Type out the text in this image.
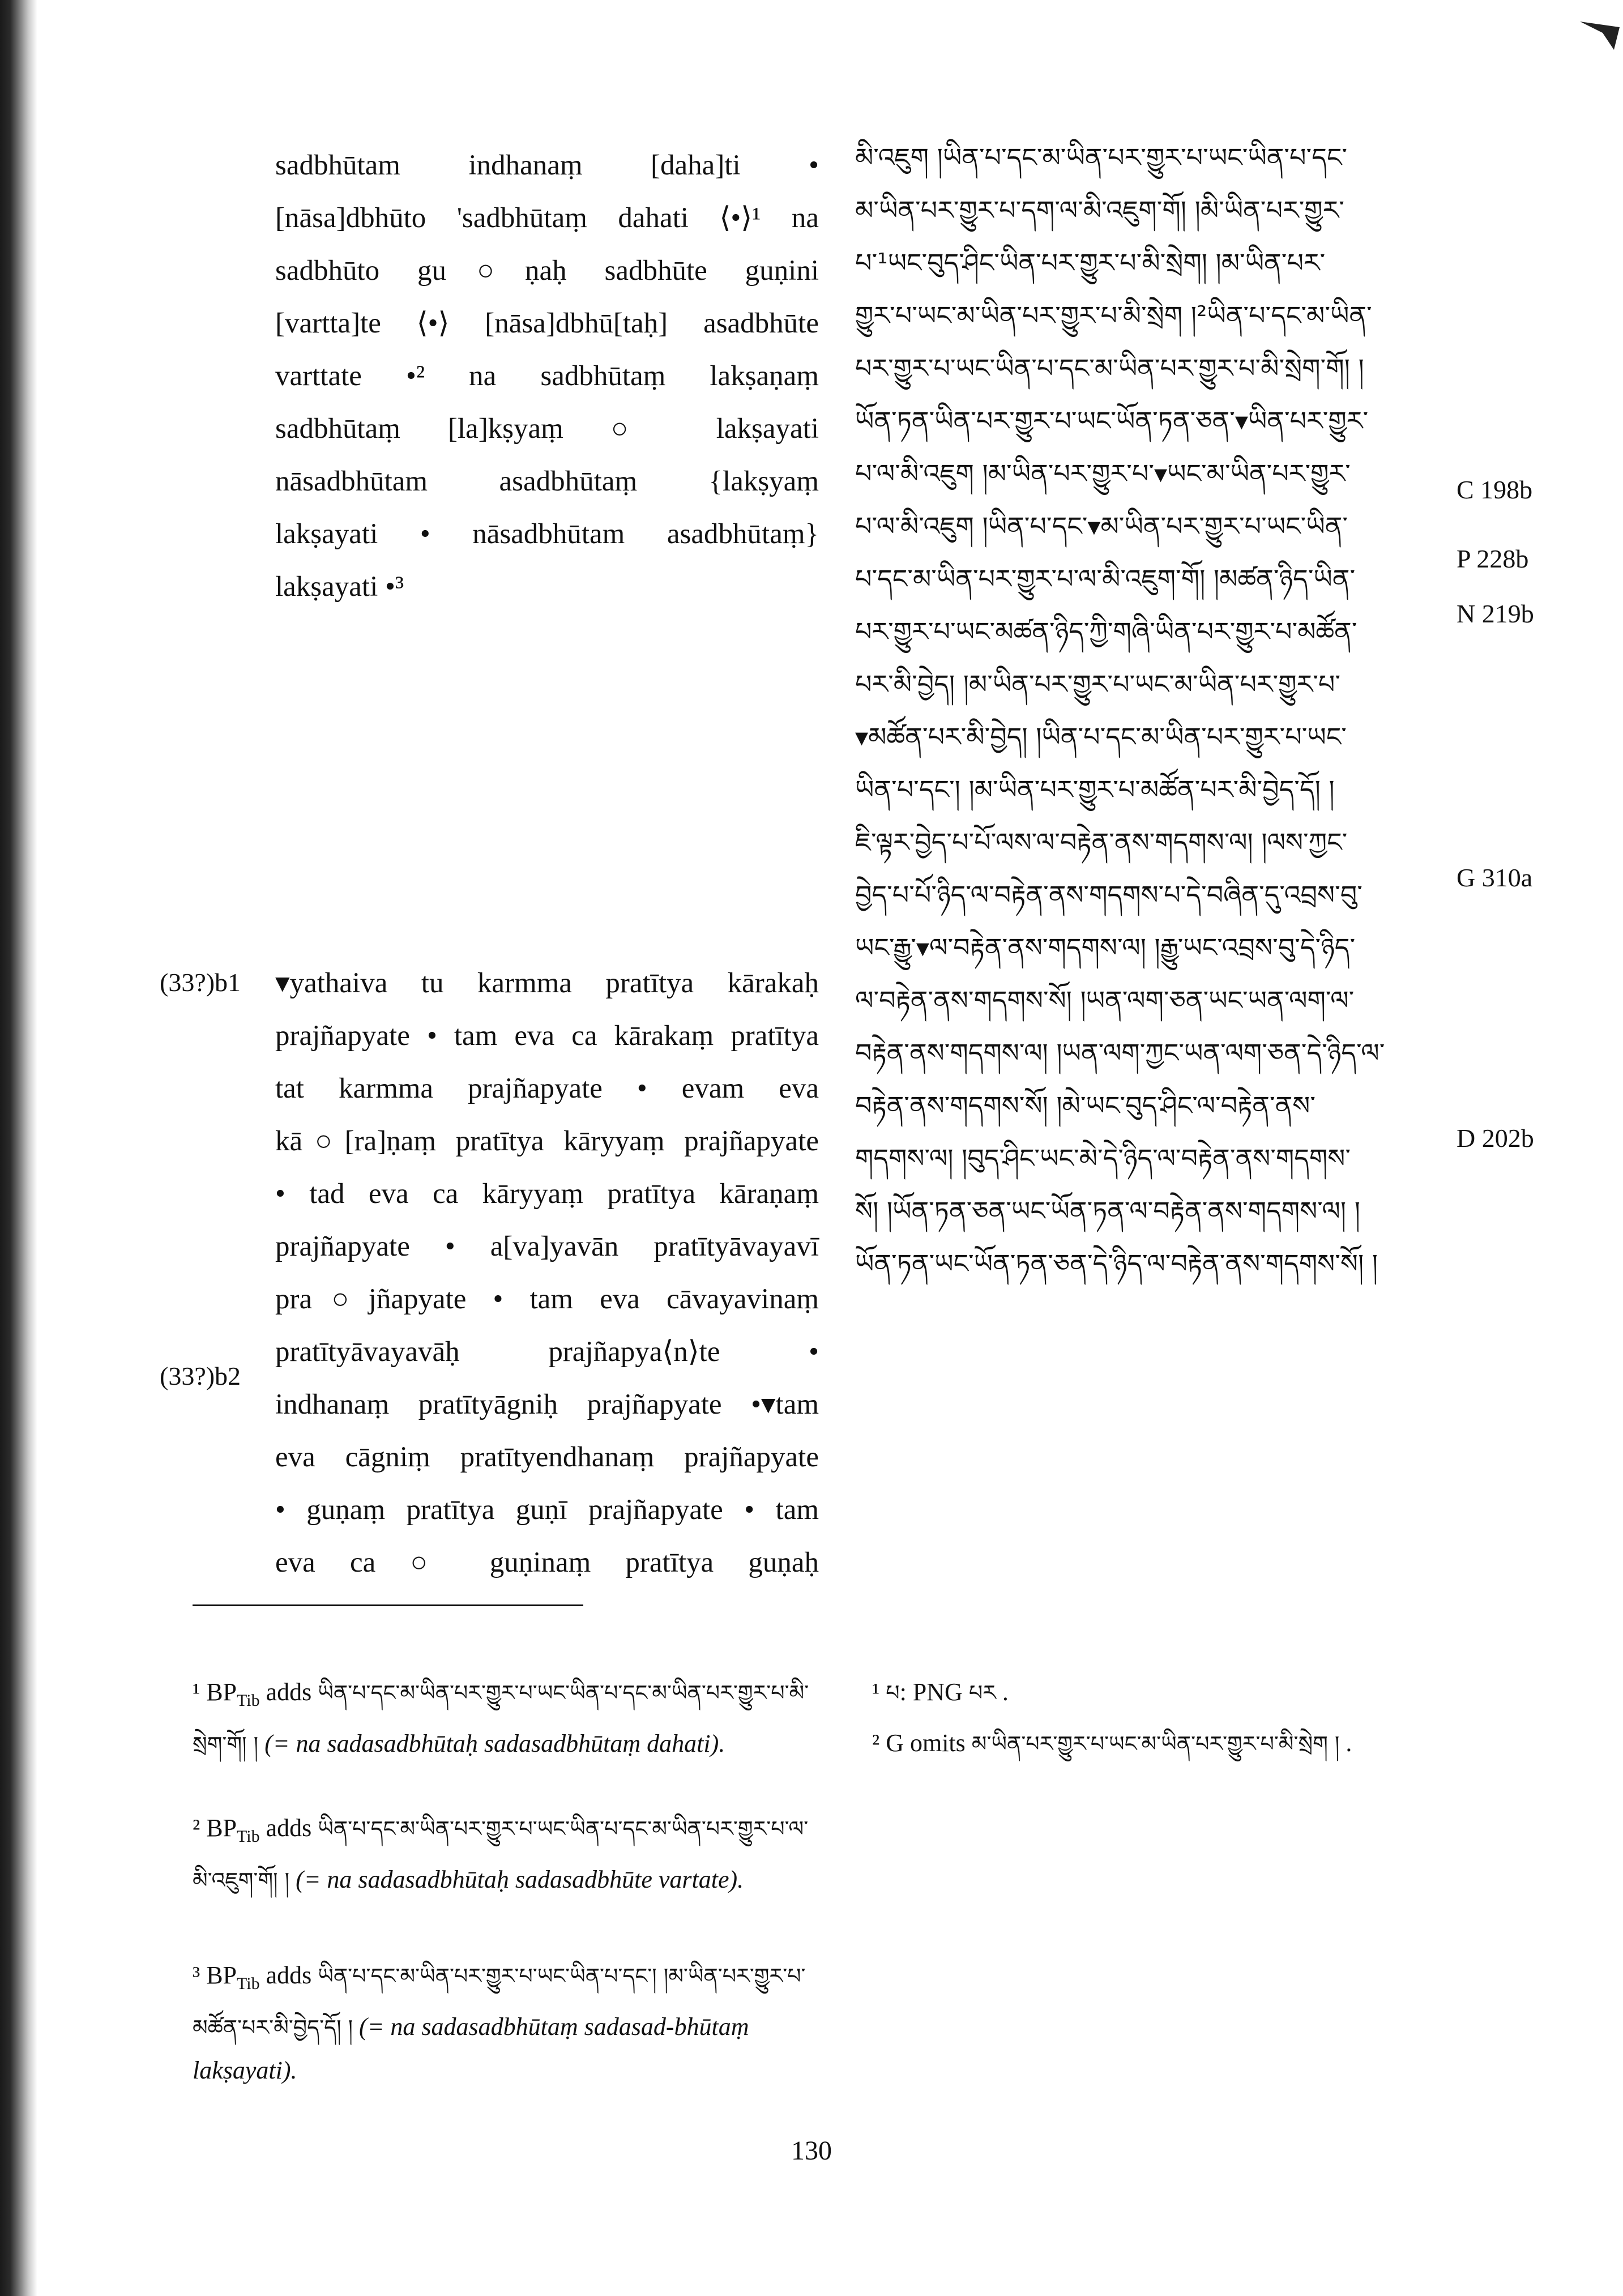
sadbhūtam indhanaṃ [daha]ti •
[nāsa]dbhūto 'sadbhūtaṃ dahati ⟨•⟩¹ na
sadbhūto gu○ṇaḥ sadbhūte guṇini
[vartta]te ⟨•⟩ [nāsa]dbhū[taḥ] asadbhūte
varttate •² na sadbhūtaṃ lakṣaṇaṃ
sadbhūtaṃ [la]kṣyaṃ ○ lakṣayati
nāsadbhūtam asadbhūtaṃ {lakṣyaṃ
lakṣayati • nāsadbhūtam asadbhūtaṃ}
lakṣayati •³
(33?)b1
(33?)b2
▾yathaiva tu karmma pratītya kārakaḥ
prajñapyate • tam eva ca kārakaṃ pratītya
tat karmma prajñapyate • evam eva
kā○[ra]ṇaṃ pratītya kāryyaṃ prajñapyate
• tad eva ca kāryyaṃ pratītya kāraṇaṃ
prajñapyate • a[va]yavān pratītyāvayavī
pra○jñapyate • tam eva cāvayavinaṃ
pratītyāvayavāḥ prajñapya⟨n⟩te •
indhanaṃ pratītyāgniḥ prajñapyate •▾tam
eva cāgniṃ pratītyendhanaṃ prajñapyate
• guṇaṃ pratītya guṇī prajñapyate • tam
eva ca ○ guṇinaṃ pratītya guṇaḥ
མི་འཇུག །ཡིན་པ་དང་མ་ཡིན་པར་གྱུར་པ་ཡང་ཡིན་པ་དང་
མ་ཡིན་པར་གྱུར་པ་དག་ལ་མི་འཇུག་གོ། །མི་ཡིན་པར་གྱུར་
པ་¹ཡང་བུད་ཤིང་ཡིན་པར་གྱུར་པ་མི་སྲེག། །མ་ཡིན་པར་
གྱུར་པ་ཡང་མ་ཡིན་པར་གྱུར་པ་མི་སྲེག །²ཡིན་པ་དང་མ་ཡིན་
པར་གྱུར་པ་ཡང་ཡིན་པ་དང་མ་ཡིན་པར་གྱུར་པ་མི་སྲེག་གོ། །
ཡོན་ཏན་ཡིན་པར་གྱུར་པ་ཡང་ཡོན་ཏན་ཅན་▾ཡིན་པར་གྱུར་
པ་ལ་མི་འཇུག །མ་ཡིན་པར་གྱུར་པ་▾ཡང་མ་ཡིན་པར་གྱུར་
པ་ལ་མི་འཇུག །ཡིན་པ་དང་▾མ་ཡིན་པར་གྱུར་པ་ཡང་ཡིན་
པ་དང་མ་ཡིན་པར་གྱུར་པ་ལ་མི་འཇུག་གོ། །མཚན་ཉིད་ཡིན་
པར་གྱུར་པ་ཡང་མཚན་ཉིད་ཀྱི་གཞི་ཡིན་པར་གྱུར་པ་མཚོན་
པར་མི་བྱེད། །མ་ཡིན་པར་གྱུར་པ་ཡང་མ་ཡིན་པར་གྱུར་པ་
▾མཚོན་པར་མི་བྱེད། །ཡིན་པ་དང་མ་ཡིན་པར་གྱུར་པ་ཡང་
ཡིན་པ་དང་། །མ་ཡིན་པར་གྱུར་པ་མཚོན་པར་མི་བྱེད་དོ། །
ཇི་ལྟར་བྱེད་པ་པོ་ལས་ལ་བརྟེན་ནས་གདགས་ལ། །ལས་ཀྱང་
བྱེད་པ་པོ་ཉིད་ལ་བརྟེན་ནས་གདགས་པ་དེ་བཞིན་དུ་འབྲས་བུ་
ཡང་རྒྱུ་▾ལ་བརྟེན་ནས་གདགས་ལ། །རྒྱུ་ཡང་འབྲས་བུ་དེ་ཉིད་
ལ་བརྟེན་ནས་གདགས་སོ། །ཡན་ལག་ཅན་ཡང་ཡན་ལག་ལ་
བརྟེན་ནས་གདགས་ལ། །ཡན་ལག་ཀྱང་ཡན་ལག་ཅན་དེ་ཉིད་ལ་
བརྟེན་ནས་གདགས་སོ། །མེ་ཡང་བུད་ཤིང་ལ་བརྟེན་ནས་
གདགས་ལ། །བུད་ཤིང་ཡང་མེ་དེ་ཉིད་ལ་བརྟེན་ནས་གདགས་
སོ། །ཡོན་ཏན་ཅན་ཡང་ཡོན་ཏན་ལ་བརྟེན་ནས་གདགས་ལ། །
ཡོན་ཏན་ཡང་ཡོན་ཏན་ཅན་དེ་ཉིད་ལ་བརྟེན་ནས་གདགས་སོ། །
C 198b
P 228b
N 219b
G 310a
D 202b
¹ $BP_{Tib}$ adds ཡིན་པ་དང་མ་ཡིན་པར་གྱུར་པ་ཡང་ཡིན་པ་དང་མ་ཡིན་པར་གྱུར་པ་མི་སྲེག་གོ། ། (= na sadasadbhūtaḥ sadasadbhūtaṃ dahati).
² $BP_{Tib}$ adds ཡིན་པ་དང་མ་ཡིན་པར་གྱུར་པ་ཡང་ཡིན་པ་དང་མ་ཡིན་པར་གྱུར་པ་ལ་མི་འཇུག་གོ། ། (= na sadasadbhūtaḥ sadasadbhūte vartate).
³ $BP_{Tib}$ adds ཡིན་པ་དང་མ་ཡིན་པར་གྱུར་པ་ཡང་ཡིན་པ་དང་། །མ་ཡིན་པར་གྱུར་པ་མཚོན་པར་མི་བྱེད་དོ། ། (= na sadasadbhūtaṃ sadasad-bhūtaṃ lakṣayati).
¹ པ: PNG པར .
² G omits མ་ཡིན་པར་གྱུར་པ་ཡང་མ་ཡིན་པར་གྱུར་པ་མི་སྲེག ། .
130
